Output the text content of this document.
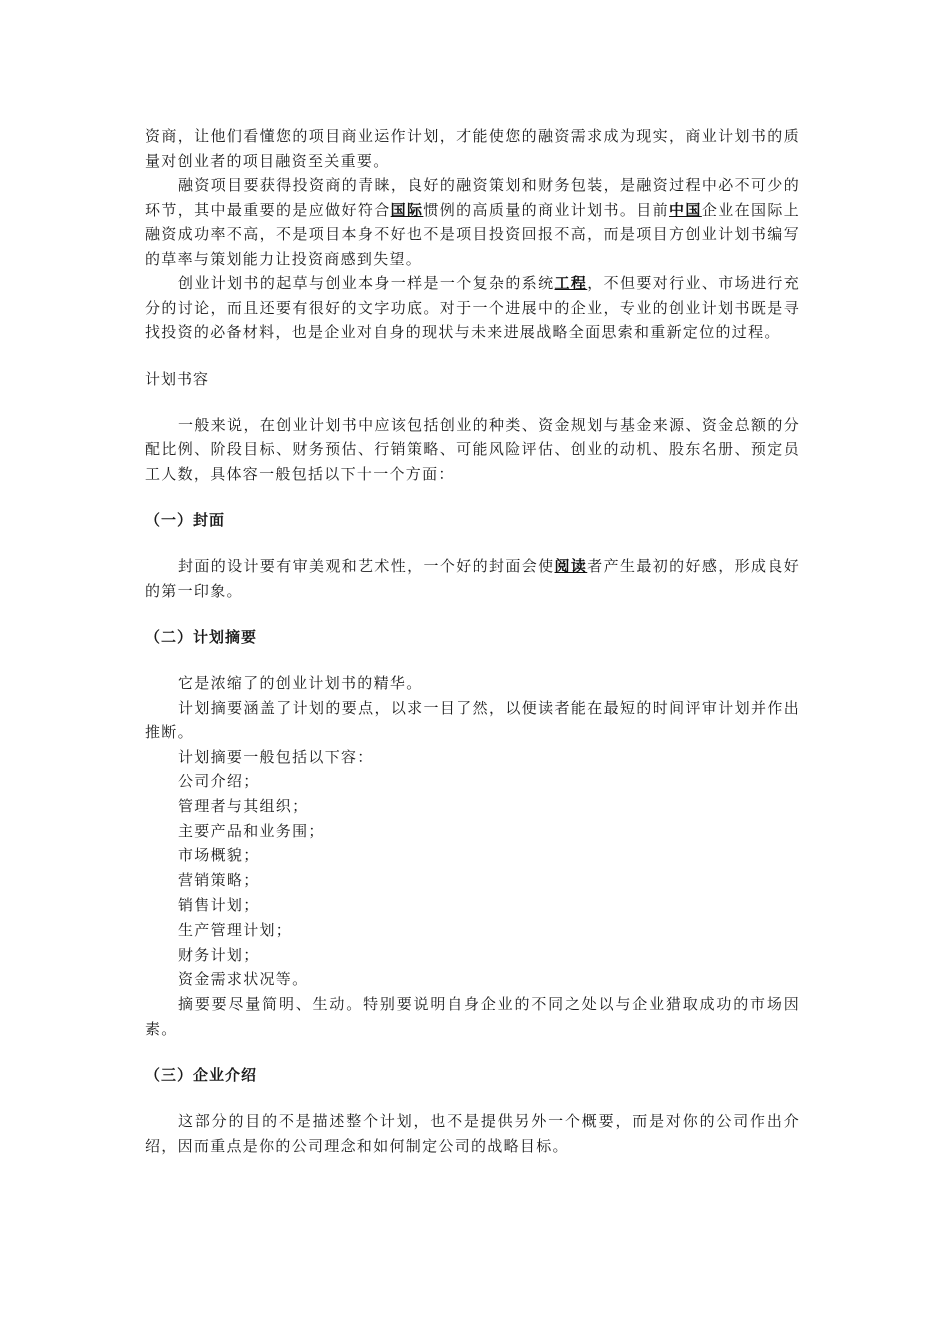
资商，让他们看懂您的项目商业运作计划，才能使您的融资需求成为现实，商业计划书的质量对创业者的项目融资至关重要。

融资项目要获得投资商的青睐，良好的融资策划和财务包装，是融资过程中必不可少的环节，其中最重要的是应做好符合国际惯例的高质量的商业计划书。目前中国企业在国际上融资成功率不高，不是项目本身不好也不是项目投资回报不高，而是项目方创业计划书编写的草率与策划能力让投资商感到失望。

创业计划书的起草与创业本身一样是一个复杂的系统工程，不但要对行业、市场进行充分的讨论，而且还要有很好的文字功底。对于一个进展中的企业，专业的创业计划书既是寻找投资的必备材料，也是企业对自身的现状与未来进展战略全面思索和重新定位的过程。

计划书容

一般来说，在创业计划书中应该包括创业的种类、资金规划与基金来源、资金总额的分配比例、阶段目标、财务预估、行销策略、可能风险评估、创业的动机、股东名册、预定员工人数，具体容一般包括以下十一个方面：

（一）封面

封面的设计要有审美观和艺术性，一个好的封面会使阅读者产生最初的好感，形成良好的第一印象。

（二）计划摘要

它是浓缩了的创业计划书的精华。

计划摘要涵盖了计划的要点，以求一目了然，以便读者能在最短的时间评审计划并作出推断。

计划摘要一般包括以下容：

公司介绍；

管理者与其组织；

主要产品和业务围；

市场概貌；

营销策略；

销售计划；

生产管理计划；

财务计划；

资金需求状况等。

摘要要尽量简明、生动。特别要说明自身企业的不同之处以与企业猎取成功的市场因素。

（三）企业介绍

这部分的目的不是描述整个计划，也不是提供另外一个概要，而是对你的公司作出介绍，因而重点是你的公司理念和如何制定公司的战略目标。
